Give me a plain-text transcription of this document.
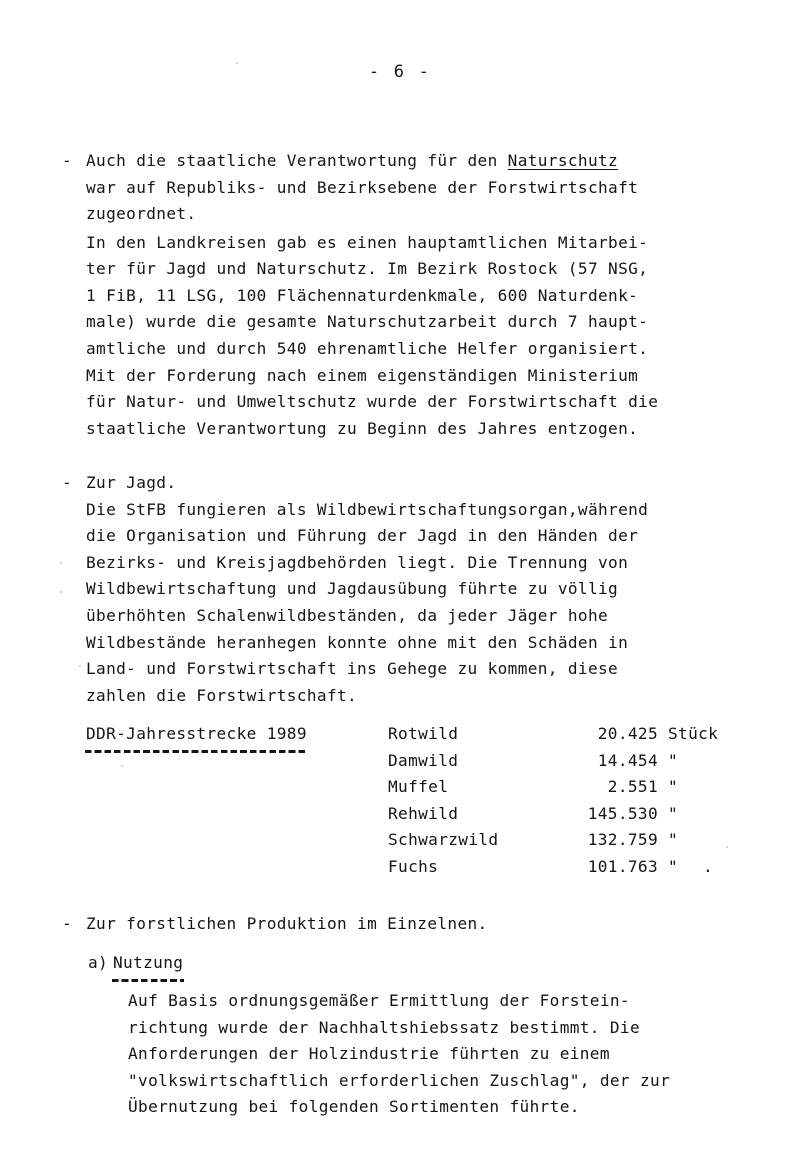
- 6 -
- Auch die staatliche Verantwortung für den Naturschutz
war auf Republiks- und Bezirksebene der Forstwirtschaft
zugeordnet.
In den Landkreisen gab es einen hauptamtlichen Mitarbei-
ter für Jagd und Naturschutz. Im Bezirk Rostock (57 NSG,
1 FiB, 11 LSG, 100 Flächennaturdenkmale, 600 Naturdenk-
male) wurde die gesamte Naturschutzarbeit durch 7 haupt-
amtliche und durch 540 ehrenamtliche Helfer organisiert.
Mit der Forderung nach einem eigenständigen Ministerium
für Natur- und Umweltschutz wurde der Forstwirtschaft die
staatliche Verantwortung zu Beginn des Jahres entzogen.
- Zur Jagd.
Die StFB fungieren als Wildbewirtschaftungsorgan,während
die Organisation und Führung der Jagd in den Händen der
Bezirks- und Kreisjagdbehörden liegt. Die Trennung von
Wildbewirtschaftung und Jagdausübung führte zu völlig
überhöhten Schalenwildbeständen, da jeder Jäger hohe
Wildbestände heranhegen konnte ohne mit den Schäden in
Land- und Forstwirtschaft ins Gehege zu kommen, diese
zahlen die Forstwirtschaft.
DDR-Jahresstrecke 1989	Rotwild	20.425 Stück
Damwild	14.454 "
Muffel	2.551 "
Rehwild	145.530 "
Schwarzwild	132.759 "
Fuchs	101.763 " .
- Zur forstlichen Produktion im Einzelnen.
a) Nutzung
Auf Basis ordnungsgemäßer Ermittlung der Forstein-
richtung wurde der Nachhaltshiebssatz bestimmt. Die
Anforderungen der Holzindustrie führten zu einem
"volkswirtschaftlich erforderlichen Zuschlag", der zur
Übernutzung bei folgenden Sortimenten führte.
